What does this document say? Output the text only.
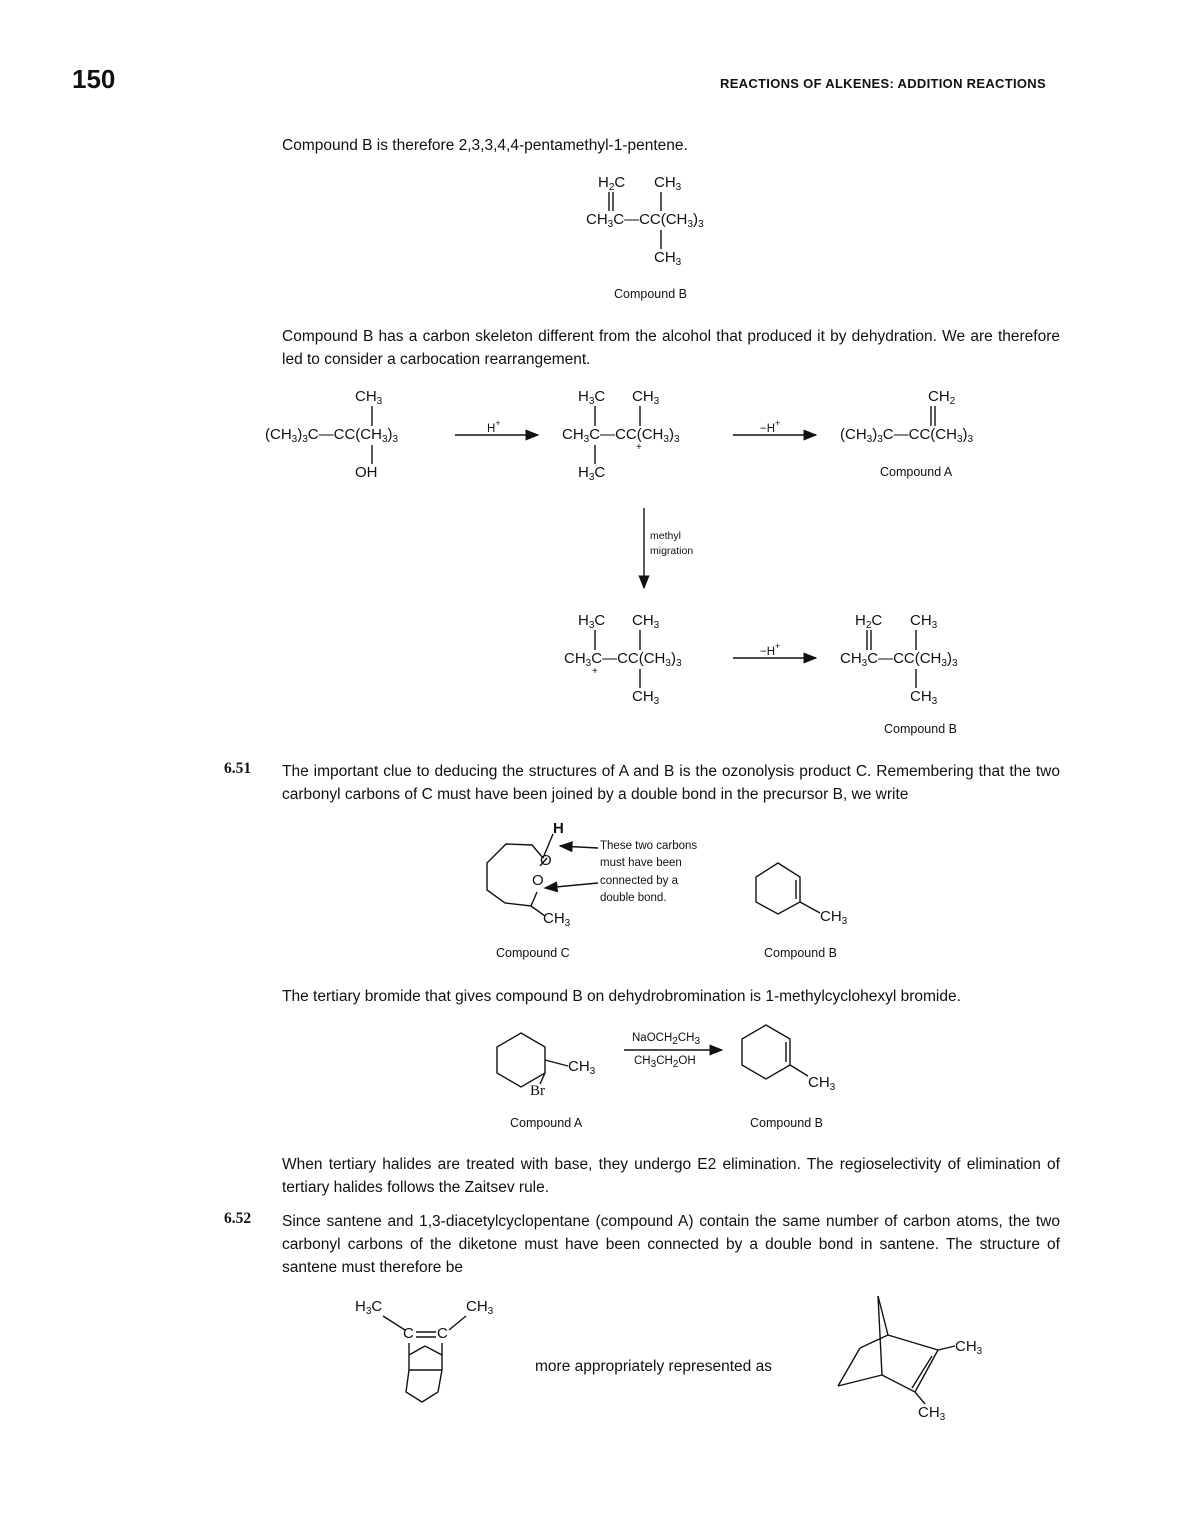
150	REACTIONS OF ALKENES: ADDITION REACTIONS
Compound B is therefore 2,3,3,4,4-pentamethyl-1-pentene.
$H_2C$ $CH_3$
$CH_3C—CC(CH_3)_3$
$CH_3$
Compound B
Compound B has a carbon skeleton different from the alcohol that produced it by dehydration. We are therefore led to consider a carbocation rearrangement.
$CH_3$
$(CH_3)_3C—CC(CH_3)_3$
OH
H+
$H_3C$ $CH_3$
$CH_3C—CC(CH_3)_3$
$H_3C$
+
−H+
$CH_2$
$(CH_3)_3C—CC(CH_3)_3$
Compound A
methyl
migration
$H_3C$ $CH_3$
$CH_3C—CC(CH_3)_3$
+
$CH_3$
−H+
$H_2C$ $CH_3$
$CH_3C—CC(CH_3)_3$
$CH_3$
Compound B
6.51 The important clue to deducing the structures of A and B is the ozonolysis product C. Remembering that the two carbonyl carbons of C must have been joined by a double bond in the precursor B, we write
H
O
O
$CH_3$
These two carbons
must have been
connected by a
double bond.
Compound C
$CH_3$
Compound B
The tertiary bromide that gives compound B on dehydrobromination is 1-methylcyclohexyl bromide.
$CH_3$
Br
$NaOCH_2CH_3$
$CH_3CH_2OH$
$CH_3$
Compound A	Compound B
When tertiary halides are treated with base, they undergo E2 elimination. The regioselectivity of elimination of tertiary halides follows the Zaitsev rule.
6.52 Since santene and 1,3-diacetylcyclopentane (compound A) contain the same number of carbon atoms, the two carbonyl carbons of the diketone must have been connected by a double bond in santene. The structure of santene must therefore be
$H_3C$	$CH_3$
C C
more appropriately represented as
$CH_3$
$CH_3$
